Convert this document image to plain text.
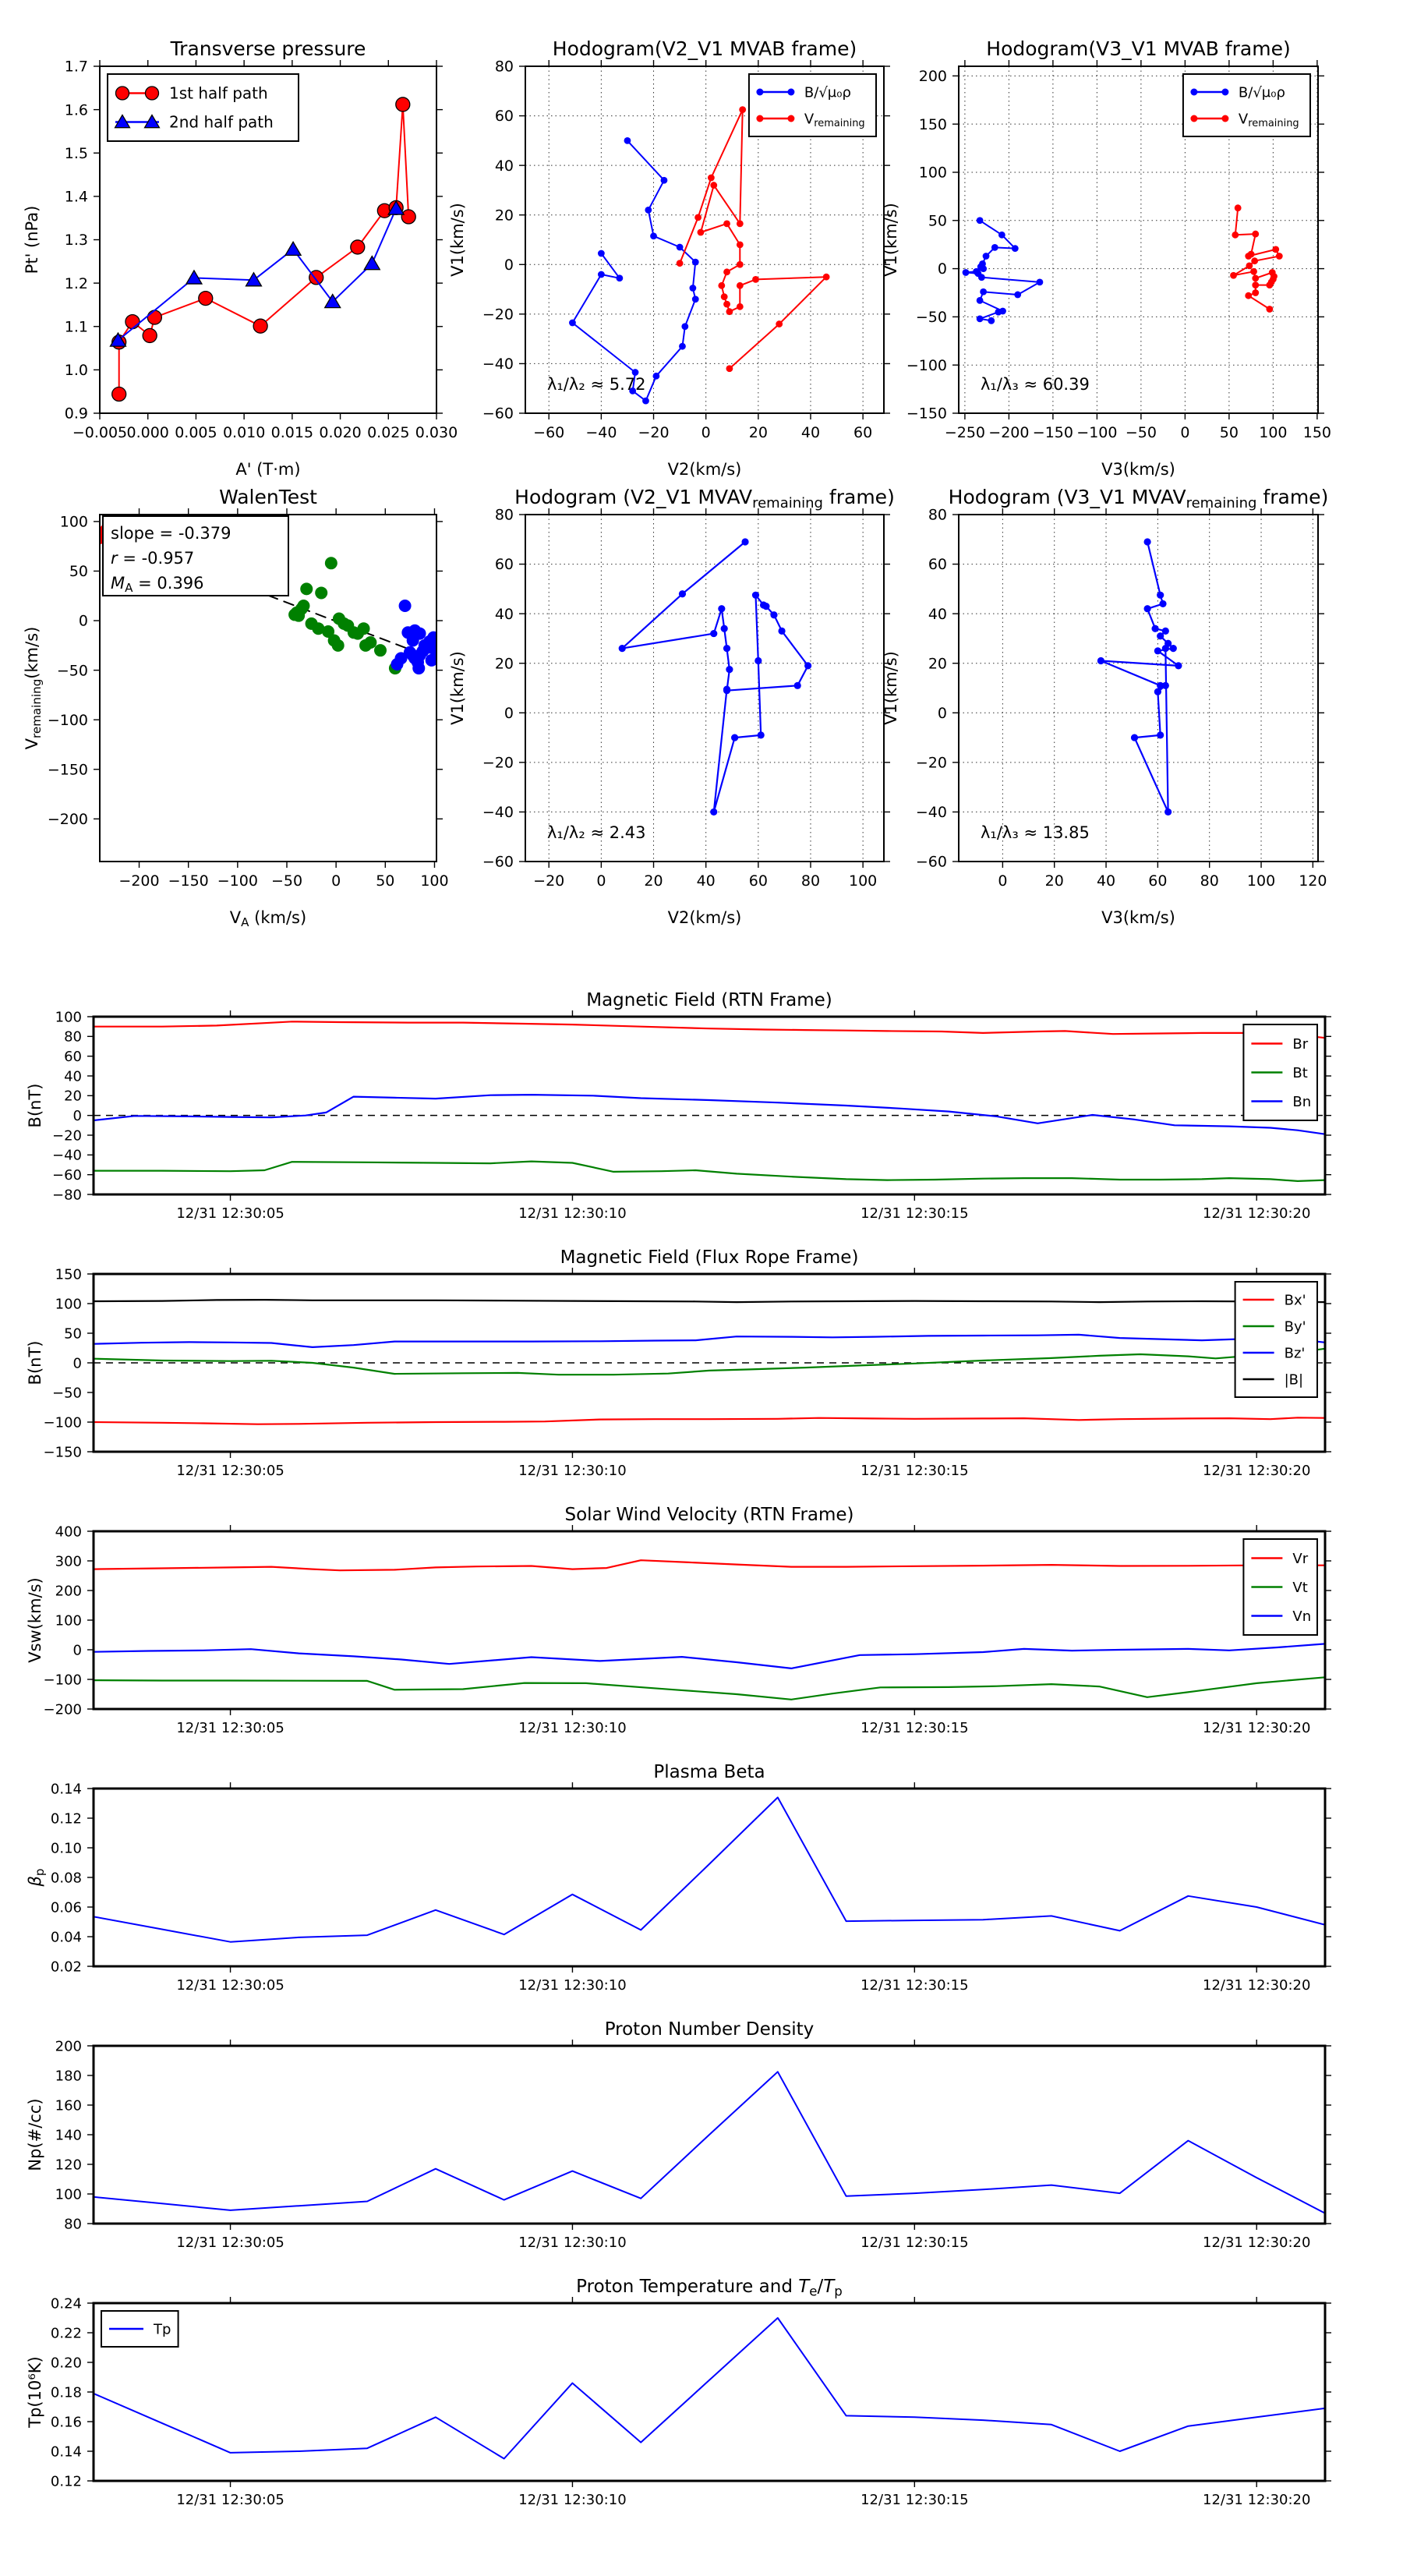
−0.005 0.000 0.005 0.010 0.015 0.020 0.025 0.030
0.9
1.0
1.1
1.2
1.3
1.4
1.5
1.6
1.7
Transverse pressure
A' (T·m)
Pt' (nPa)
1st half path
2nd half path
−60 −40 −20 0	20 40 60
−60
−40
−20
0
20
40
60
80
Hodogram(V2_V1 MVAB frame)
V2(km/s)
V1(km/s)
λ₁/λ₂ ≈ 5.72
B/√μ₀ρ
$V_{remaining}$
−250 −200 −150 −100 −50 0 50 100 150
−150
−100
−50
0
50
100
150
200
Hodogram(V3_V1 MVAB frame)
V3(km/s)
V1(km/s)
λ₁/λ₃ ≈ 60.39
B/√μ₀ρ
$V_{remaining}$
−200 −150 −100 −50 0 50 100
−200
−150
−100
−50
0
50
100
WalenTest
$V_A$ (km/s)
$V_{remaining}(km/s)$
slope = -0.379
r = -0.957
$M_A = 0.396$
−20 0	20 40 60 80 100
−60
−40
−20
0
20
40
60
80
Hodogram (V2_V1 $MVAV_{remaining}$ frame)
V2(km/s)
V1(km/s)
λ₁/λ₂ ≈ 2.43
0	20 40 60 80 100 120
−60
−40
−20
0
20
40
60
80
Hodogram (V3_V1 $MVAV_{remaining}$ frame)
V3(km/s)
V1(km/s)
λ₁/λ₃ ≈ 13.85
12/31 12:30:05	12/31 12:30:10	12/31 12:30:15	12/31 12:30:20
−80
−60
−40
−20
0
20
40
60
80
100
Magnetic Field (RTN Frame)
B(nT)
Br
Bt
Bn
12/31 12:30:05	12/31 12:30:10	12/31 12:30:15	12/31 12:30:20
−150
−100
−50
0
50
100
150
Magnetic Field (Flux Rope Frame)
B(nT)
Bx'
By'
Bz'
|B|
12/31 12:30:05	12/31 12:30:10	12/31 12:30:15	12/31 12:30:20
−200
−100
0
100
200
300
400
Solar Wind Velocity (RTN Frame)
Vsw(km/s)
Vr
Vt
Vn
12/31 12:30:05	12/31 12:30:10	12/31 12:30:15	12/31 12:30:20
0.02
0.04
0.06
0.08
0.10
0.12
0.14
Plasma Beta
$\beta_p$
12/31 12:30:05	12/31 12:30:10	12/31 12:30:15	12/31 12:30:20
80
100
120
140
160
180
200
Proton Number Density
Np(#/cc)
12/31 12:30:05	12/31 12:30:10	12/31 12:30:15	12/31 12:30:20
0.12
0.14
0.16
0.18
0.20
0.22
0.24
Proton Temperature and $T_e/T_p$
Tp(10⁶K)
Tp
